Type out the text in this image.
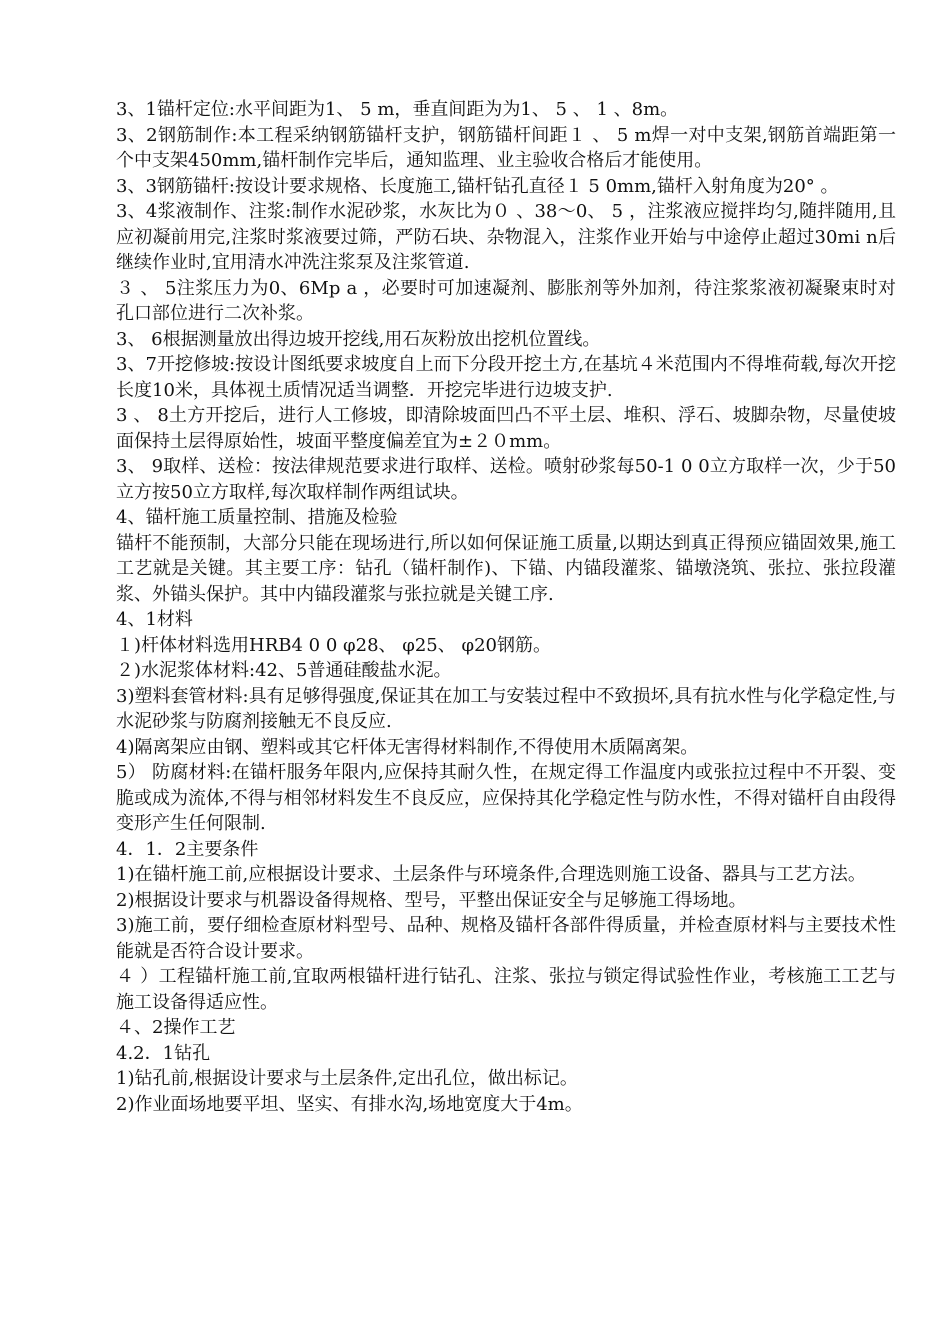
3、1锚杆定位:水平间距为1、 5 m，垂直间距为为1、 5 、 1 、8m。

3、2钢筋制作:本工程采纳钢筋锚杆支护，钢筋锚杆间距１ 、 5 m焊一对中支架,钢筋首端距第一个中支架450mm,锚杆制作完毕后，通知监理、业主验收合格后才能使用。

3、3钢筋锚杆:按设计要求规格、长度施工,锚杆钻孔直径１ 5 0mm,锚杆入射角度为20° 。

3、4浆液制作、注浆:制作水泥砂浆，水灰比为０ 、38～0、 5 ，注浆液应搅拌均匀,随拌随用,且应初凝前用完,注浆时浆液要过筛，严防石块、杂物混入，注浆作业开始与中途停止超过30mi n后继续作业时,宜用清水冲洗注浆泵及注浆管道.

３ 、 5注浆压力为0、6Mp a ，必要时可加速凝剂、膨胀剂等外加剂，待注浆浆液初凝聚束时对孔口部位进行二次补浆。

3、 6根据测量放出得边坡开挖线,用石灰粉放出挖机位置线。

3、7开挖修坡:按设计图纸要求坡度自上而下分段开挖土方,在基坑４米范围内不得堆荷载,每次开挖长度10米，具体视土质情况适当调整．开挖完毕进行边坡支护.

3 、 8土方开挖后，进行人工修坡，即清除坡面凹凸不平土层、堆积、浮石、坡脚杂物，尽量使坡面保持土层得原始性，坡面平整度偏差宜为±２０mm。

3、 9取样、送检：按法律规范要求进行取样、送检。喷射砂浆每50-1 0 0立方取样一次，少于50立方按50立方取样,每次取样制作两组试块。

4、锚杆施工质量控制、措施及检验

锚杆不能预制，大部分只能在现场进行,所以如何保证施工质量,以期达到真正得预应锚固效果,施工工艺就是关键。其主要工序：钻孔（锚杆制作)、下锚、内锚段灌浆、锚墩浇筑、张拉、张拉段灌浆、外锚头保护。其中内锚段灌浆与张拉就是关键工序.

4、1材料

１)杆体材料选用HRB4 0 0 φ28、 φ25、 φ20钢筋。

２)水泥浆体材料:42、5普通硅酸盐水泥。

3)塑料套管材料:具有足够得强度,保证其在加工与安装过程中不致损坏,具有抗水性与化学稳定性,与水泥砂浆与防腐剂接触无不良反应.

4)隔离架应由钢、塑料或其它杆体无害得材料制作,不得使用木质隔离架。

5） 防腐材料:在锚杆服务年限内,应保持其耐久性，在规定得工作温度内或张拉过程中不开裂、变脆或成为流体,不得与相邻材料发生不良反应，应保持其化学稳定性与防水性，不得对锚杆自由段得变形产生任何限制.

4．1．2主要条件

1)在锚杆施工前,应根据设计要求、土层条件与环境条件,合理选则施工设备、器具与工艺方法。

2)根据设计要求与机器设备得规格、型号，平整出保证安全与足够施工得场地。

3)施工前，要仔细检查原材料型号、品种、规格及锚杆各部件得质量，并检查原材料与主要技术性能就是否符合设计要求。

４ ）工程锚杆施工前,宜取两根锚杆进行钻孔、注浆、张拉与锁定得试验性作业，考核施工工艺与施工设备得适应性。

４、2操作工艺

4.2．1钻孔

1)钻孔前,根据设计要求与土层条件,定出孔位，做出标记。

2)作业面场地要平坦、坚实、有排水沟,场地宽度大于4m。
